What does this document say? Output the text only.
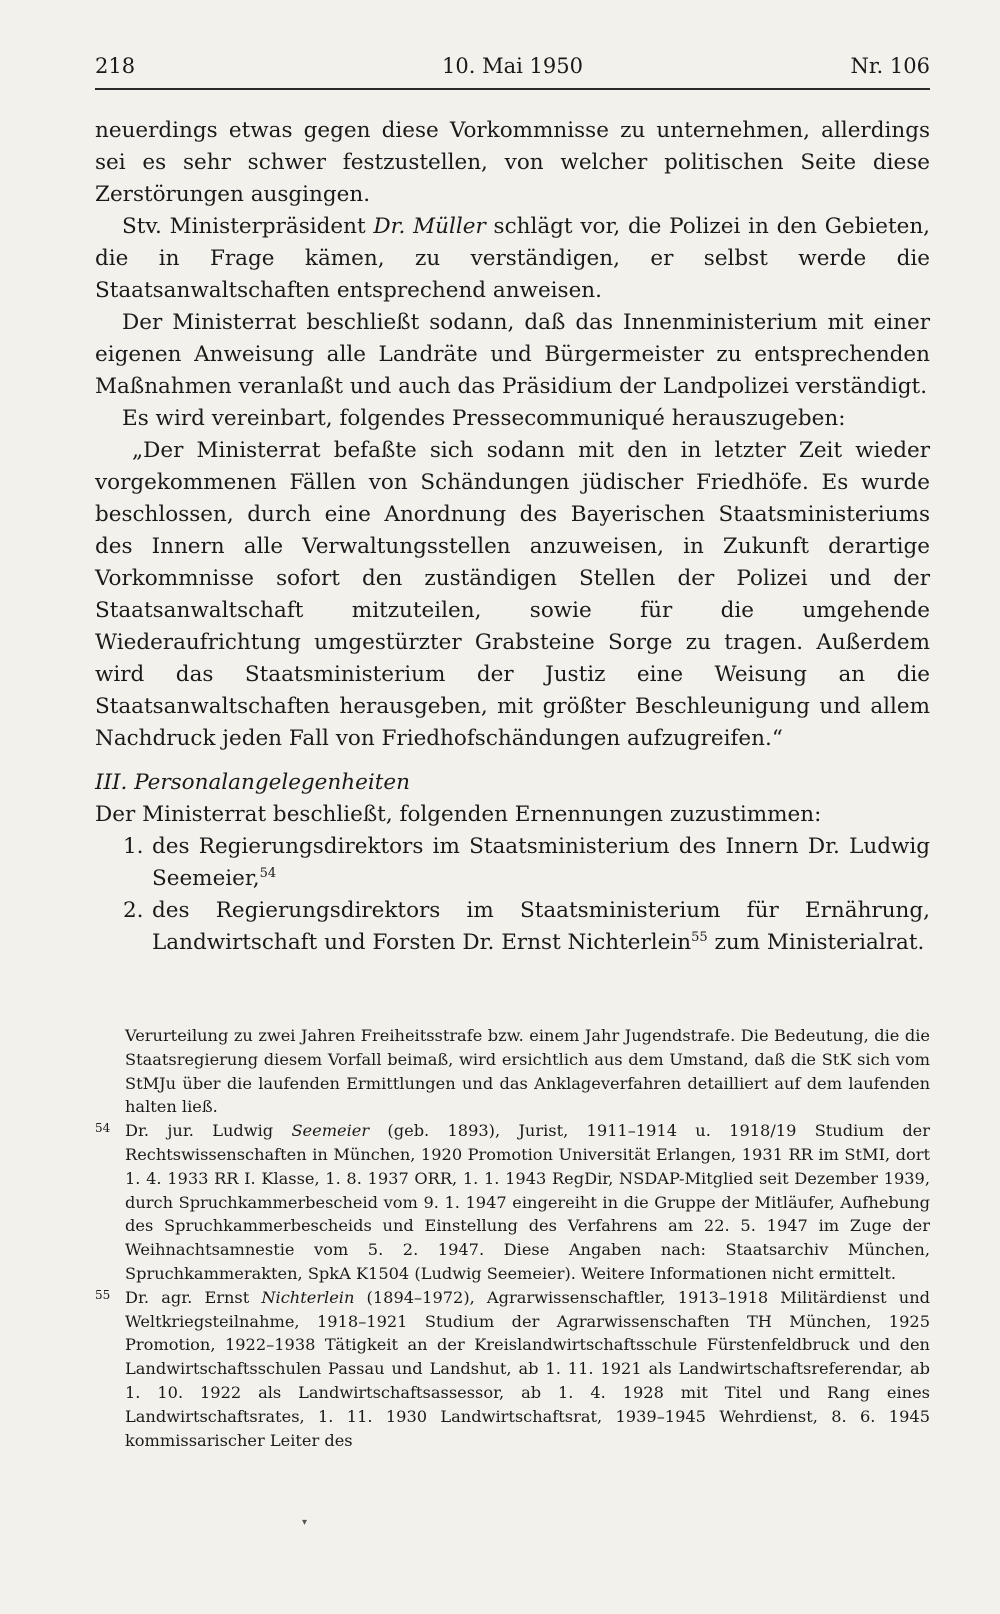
218	10. Mai 1950	Nr. 106

neuerdings etwas gegen diese Vorkommnisse zu unternehmen, allerdings sei es sehr schwer festzustellen, von welcher politischen Seite diese Zerstörungen ausgingen.

Stv. Ministerpräsident Dr. Müller schlägt vor, die Polizei in den Gebieten, die in Frage kämen, zu verständigen, er selbst werde die Staatsanwaltschaften entsprechend anweisen.

Der Ministerrat beschließt sodann, daß das Innenministerium mit einer eigenen Anweisung alle Landräte und Bürgermeister zu entsprechenden Maßnahmen veranlaßt und auch das Präsidium der Landpolizei verständigt.

Es wird vereinbart, folgendes Pressecommuniqué herauszugeben:

„Der Ministerrat befaßte sich sodann mit den in letzter Zeit wieder vorgekommenen Fällen von Schändungen jüdischer Friedhöfe. Es wurde beschlossen, durch eine Anordnung des Bayerischen Staatsministeriums des Innern alle Verwaltungsstellen anzuweisen, in Zukunft derartige Vorkommnisse sofort den zuständigen Stellen der Polizei und der Staatsanwaltschaft mitzuteilen, sowie für die umgehende Wiederaufrichtung umgestürzter Grabsteine Sorge zu tragen. Außerdem wird das Staatsministerium der Justiz eine Weisung an die Staatsanwaltschaften herausgeben, mit größter Beschleunigung und allem Nachdruck jeden Fall von Friedhofschändungen aufzugreifen.“

III. Personalangelegenheiten

Der Ministerrat beschließt, folgenden Ernennungen zuzustimmen:

1. des Regierungsdirektors im Staatsministerium des Innern Dr. Ludwig Seemeier,$^{54}$

2. des Regierungsdirektors im Staatsministerium für Ernährung, Landwirtschaft und Forsten Dr. Ernst Nichterlein$^{55}$ zum Ministerialrat.

Verurteilung zu zwei Jahren Freiheitsstrafe bzw. einem Jahr Jugendstrafe. Die Bedeutung, die die Staatsregierung diesem Vorfall beimaß, wird ersichtlich aus dem Umstand, daß die StK sich vom StMJu über die laufenden Ermittlungen und das Anklageverfahren detailliert auf dem laufenden halten ließ.

54 Dr. jur. Ludwig Seemeier (geb. 1893), Jurist, 1911–1914 u. 1918/19 Studium der Rechtswissenschaften in München, 1920 Promotion Universität Erlangen, 1931 RR im StMI, dort 1. 4. 1933 RR I. Klasse, 1. 8. 1937 ORR, 1. 1. 1943 RegDir, NSDAP-Mitglied seit Dezember 1939, durch Spruchkammerbescheid vom 9. 1. 1947 eingereiht in die Gruppe der Mitläufer, Aufhebung des Spruchkammerbescheids und Einstellung des Verfahrens am 22. 5. 1947 im Zuge der Weihnachtsamnestie vom 5. 2. 1947. Diese Angaben nach: Staatsarchiv München, Spruchkammerakten, SpkA K1504 (Ludwig Seemeier). Weitere Informationen nicht ermittelt.

55 Dr. agr. Ernst Nichterlein (1894–1972), Agrarwissenschaftler, 1913–1918 Militärdienst und Weltkriegsteilnahme, 1918–1921 Studium der Agrarwissenschaften TH München, 1925 Promotion, 1922–1938 Tätigkeit an der Kreislandwirtschaftsschule Fürstenfeldbruck und den Landwirtschaftsschulen Passau und Landshut, ab 1. 11. 1921 als Landwirtschaftsreferendar, ab 1. 10. 1922 als Landwirtschaftsassessor, ab 1. 4. 1928 mit Titel und Rang eines Landwirtschaftsrates, 1. 11. 1930 Landwirtschaftsrat, 1939–1945 Wehrdienst, 8. 6. 1945 kommissarischer Leiter des

▾
